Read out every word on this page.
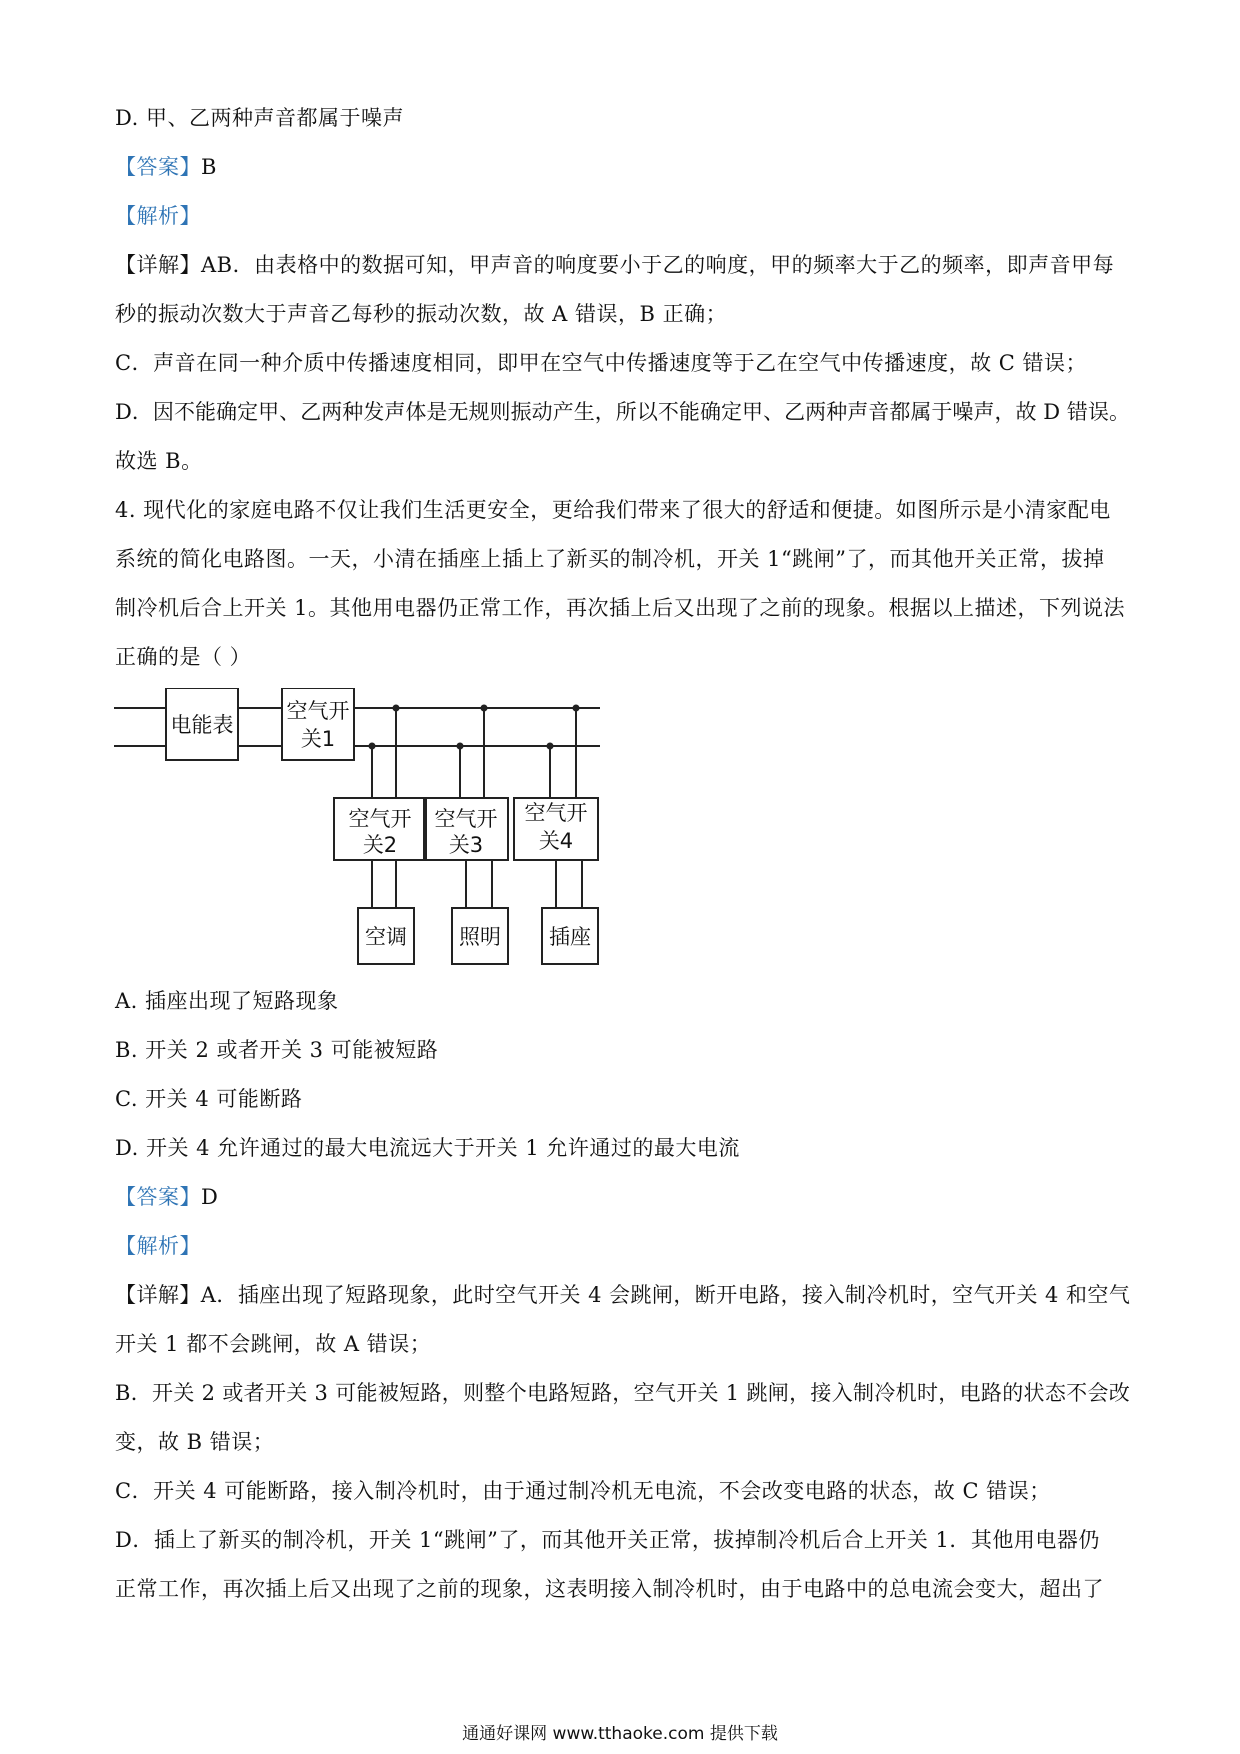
D. 甲、乙两种声音都属于噪声
【答案】B
【解析】
【详解】AB．由表格中的数据可知，甲声音的响度要小于乙的响度，甲的频率大于乙的频率，即声音甲每
秒的振动次数大于声音乙每秒的振动次数，故 A 错误，B 正确；
C．声音在同一种介质中传播速度相同，即甲在空气中传播速度等于乙在空气中传播速度，故 C 错误；
D．因不能确定甲、乙两种发声体是无规则振动产生，所以不能确定甲、乙两种声音都属于噪声，故 D 错误。
故选 B。
4. 现代化的家庭电路不仅让我们生活更安全，更给我们带来了很大的舒适和便捷。如图所示是小清家配电
系统的简化电路图。一天，小清在插座上插上了新买的制冷机，开关 1“跳闸”了，而其他开关正常，拔掉
制冷机后合上开关 1。其他用电器仍正常工作，再次插上后又出现了之前的现象。根据以上描述，下列说法
正确的是（ ）
电能表
空气开
关1
空气开
关2
空气开
关3
空气开
关4
空调 照明 插座
A. 插座出现了短路现象
B. 开关 2 或者开关 3 可能被短路
C. 开关 4 可能断路
D. 开关 4 允许通过的最大电流远大于开关 1 允许通过的最大电流
【答案】D
【解析】
【详解】A．插座出现了短路现象，此时空气开关 4 会跳闸，断开电路，接入制冷机时，空气开关 4 和空气
开关 1 都不会跳闸，故 A 错误；
B．开关 2 或者开关 3 可能被短路，则整个电路短路，空气开关 1 跳闸，接入制冷机时，电路的状态不会改
变，故 B 错误；
C．开关 4 可能断路，接入制冷机时，由于通过制冷机无电流，不会改变电路的状态，故 C 错误；
D．插上了新买的制冷机，开关 1“跳闸”了，而其他开关正常，拔掉制冷机后合上开关 1．其他用电器仍
正常工作，再次插上后又出现了之前的现象，这表明接入制冷机时，由于电路中的总电流会变大，超出了
通通好课网 www.tthaoke.com 提供下载
